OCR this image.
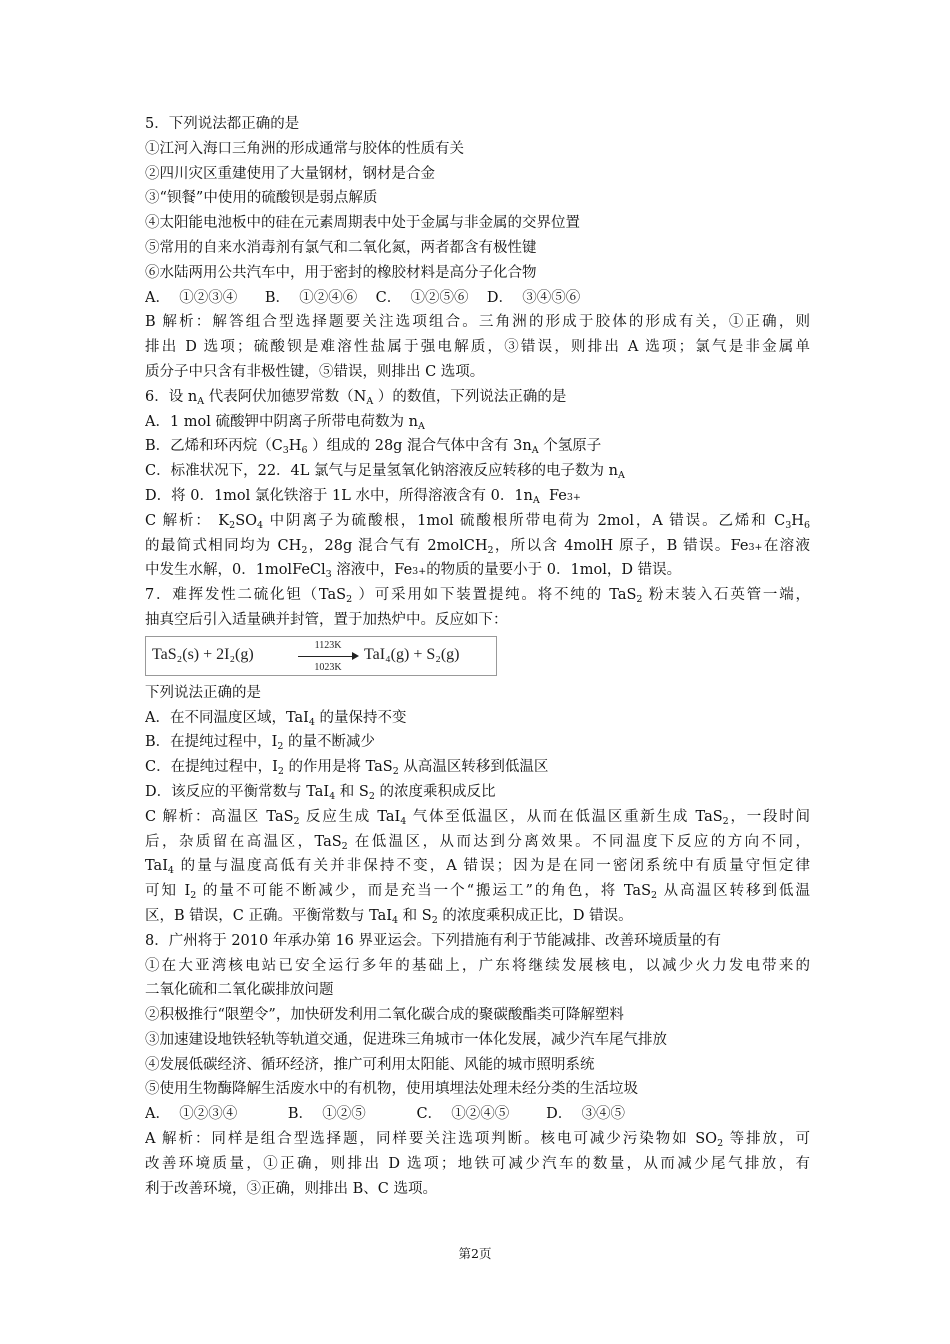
5．下列说法都正确的是
①江河入海口三角洲的形成通常与胶体的性质有关
②四川灾区重建使用了大量钢材，钢材是合金
③“钡餐”中使用的硫酸钡是弱点解质
④太阳能电池板中的硅在元素周期表中处于金属与非金属的交界位置
⑤常用的自来水消毒剂有氯气和二氧化氮，两者都含有极性键
⑥水陆两用公共汽车中，用于密封的橡胶材料是高分子化合物
A．  ①②③④      B．  ①②④⑥    C．  ①②⑤⑥    D．  ③④⑤⑥
B 解析：解答组合型选择题要关注选项组合。三角洲的形成于胶体的形成有关，①正确，则
排出 D 选项；硫酸钡是难溶性盐属于强电解质，③错误，则排出 A 选项；氯气是非金属单
质分子中只含有非极性键，⑤错误，则排出 C 选项。
6．设 $n_A$ 代表阿伏加德罗常数（$N_A$ ）的数值，下列说法正确的是
A．1 mol 硫酸钾中阴离子所带电荷数为 $n_A$
B．乙烯和环丙烷（$C_3H_6$ ）组成的 28g 混合气体中含有 $3n_A$ 个氢原子
C．标准状况下，22．4L 氯气与足量氢氧化钠溶液反应转移的电子数为 $n_A$
D．将 0．1mol 氯化铁溶于 1L 水中，所得溶液含有 0．$1n_A$  Fe3+
C 解析： $K_2SO_4$ 中阴离子为硫酸根，1mol 硫酸根所带电荷为 2mol，A 错误。乙烯和 $C_3H_6$
的最简式相同均为 $CH_2$，28g 混合气有 2molCH$_2$，所以含 4molH 原子，B 错误。Fe3+在溶液
中发生水解，0．1molFeCl$_3$ 溶液中，Fe3+的物质的量要小于 0．1mol，D 错误。
7．难挥发性二硫化钽（TaS$_2$ ）可采用如下装置提纯。将不纯的 TaS$_2$ 粉末装入石英管一端，
抽真空后引入适量碘并封管，置于加热炉中。反应如下：
TaS₂(s) + 2I₂(g)
1123K
1023K
TaI₄(g) + S₂(g)
下列说法正确的是
A．在不同温度区域，TaI$_4$ 的量保持不变
B．在提纯过程中，$I_2$ 的量不断减少
C．在提纯过程中，$I_2$ 的作用是将 TaS$_2$ 从高温区转移到低温区
D．该反应的平衡常数与 TaI$_4$ 和 $S_2$ 的浓度乘积成反比
C 解析：高温区 TaS$_2$ 反应生成 TaI$_4$ 气体至低温区，从而在低温区重新生成 TaS$_2$，一段时间
后，杂质留在高温区，TaS$_2$ 在低温区，从而达到分离效果。不同温度下反应的方向不同，
TaI$_4$ 的量与温度高低有关并非保持不变，A 错误；因为是在同一密闭系统中有质量守恒定律
可知 $I_2$ 的量不可能不断减少，而是充当一个“搬运工”的角色，将 TaS$_2$ 从高温区转移到低温
区，B 错误，C 正确。平衡常数与 TaI$_4$ 和 $S_2$ 的浓度乘积成正比，D 错误。
8．广州将于 2010 年承办第 16 界亚运会。下列措施有利于节能减排、改善环境质量的有
①在大亚湾核电站已安全运行多年的基础上，广东将继续发展核电，以减少火力发电带来的
二氧化硫和二氧化碳排放问题
②积极推行“限塑令”，加快研发利用二氧化碳合成的聚碳酸酯类可降解塑料
③加速建设地铁轻轨等轨道交通，促进珠三角城市一体化发展，减少汽车尾气排放
④发展低碳经济、循环经济，推广可利用太阳能、风能的城市照明系统
⑤使用生物酶降解生活废水中的有机物，使用填埋法处理未经分类的生活垃圾
A．  ①②③④           B．  ①②⑤           C．  ①②④⑤        D．  ③④⑤
A 解析：同样是组合型选择题，同样要关注选项判断。核电可减少污染物如 $SO_2$ 等排放，可
改善环境质量，①正确，则排出 D 选项；地铁可减少汽车的数量，从而减少尾气排放，有
利于改善环境，③正确，则排出 B、C 选项。
第2页
